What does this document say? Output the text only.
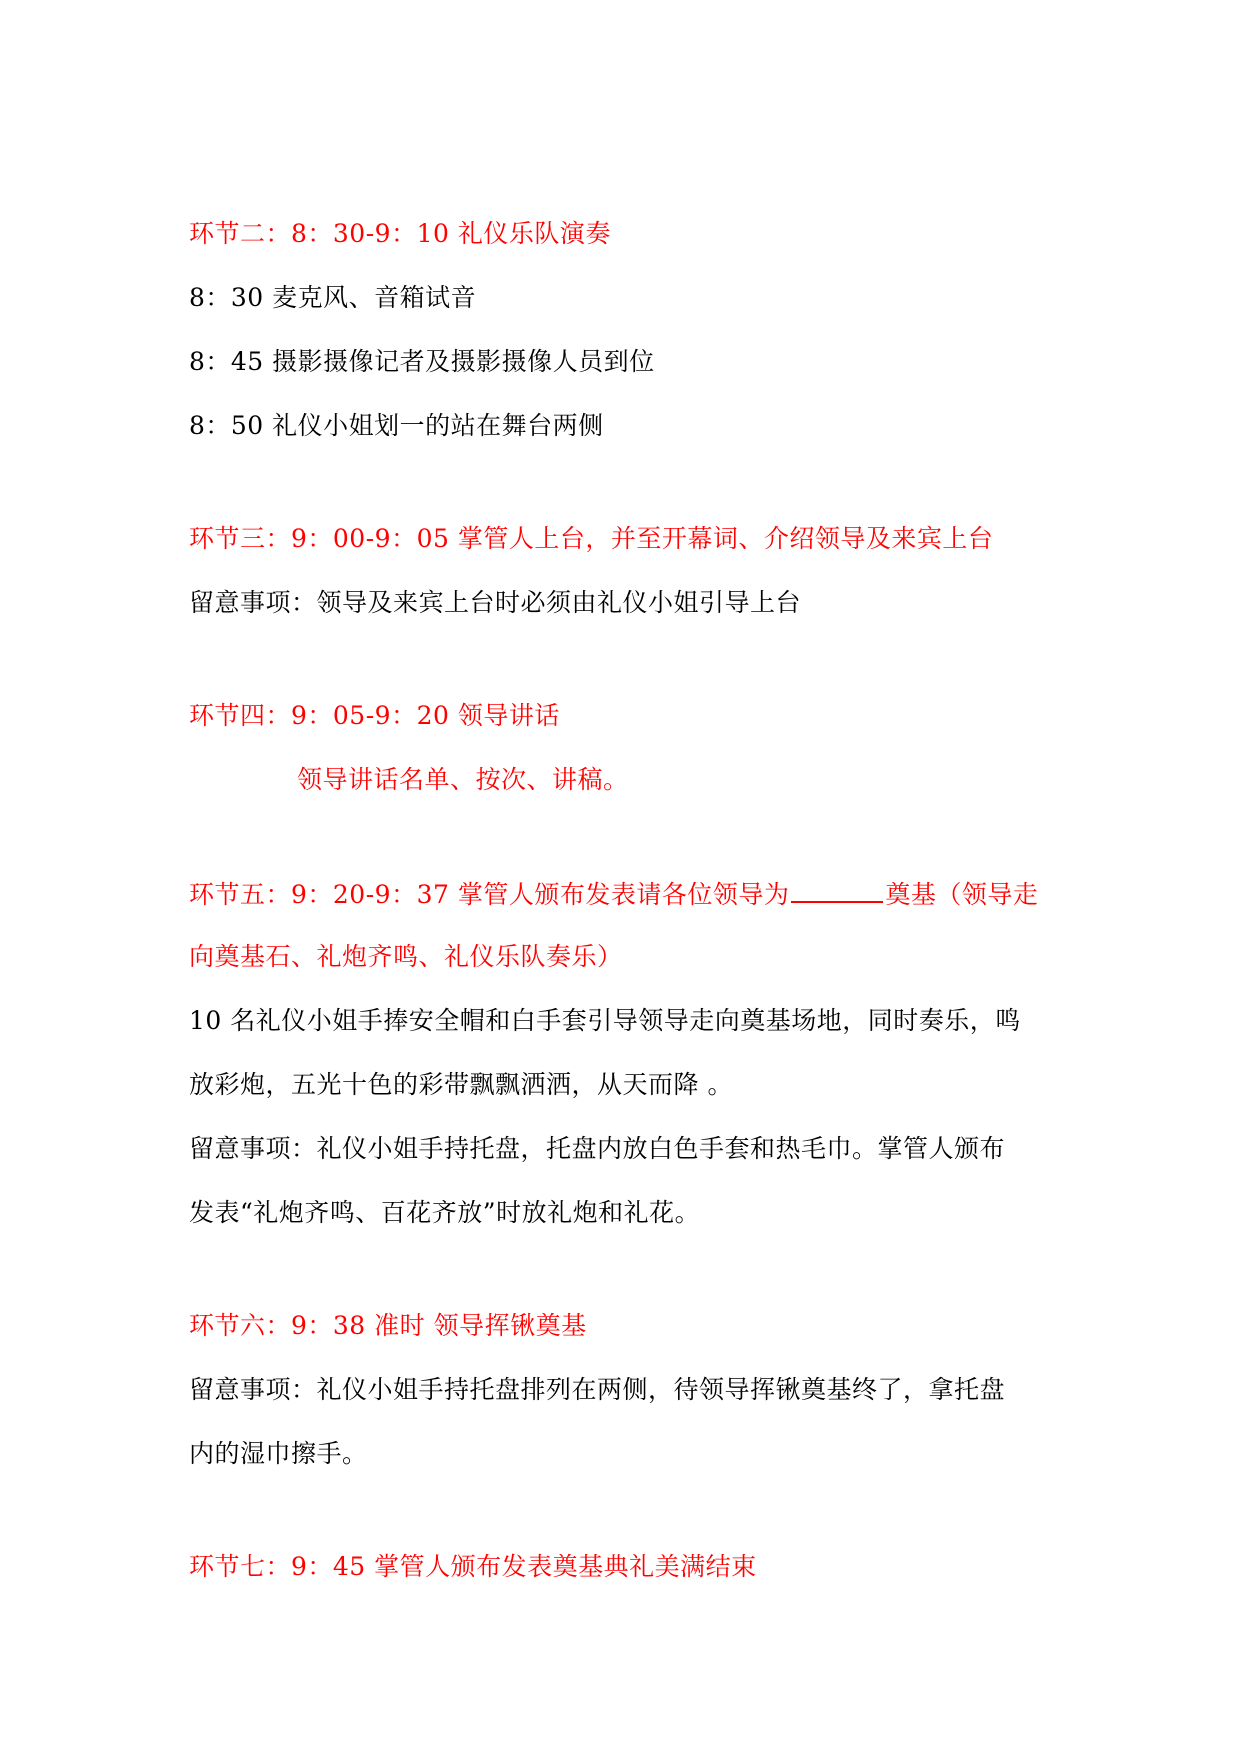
环节二：8：30-9：10 礼仪乐队演奏
8：30 麦克风、音箱试音
8：45 摄影摄像记者及摄影摄像人员到位
8：50 礼仪小姐划一的站在舞台两侧
环节三：9：00-9：05 掌管人上台，并至开幕词、介绍领导及来宾上台
留意事项：领导及来宾上台时必须由礼仪小姐引导上台
环节四：9：05-9：20 领导讲话
领导讲话名单、按次、讲稿。
环节五：9：20-9：37 掌管人颁布发表请各位领导为	奠基（领导走
向奠基石、礼炮齐鸣、礼仪乐队奏乐）
10 名礼仪小姐手捧安全帽和白手套引导领导走向奠基场地，同时奏乐，鸣
放彩炮，五光十色的彩带飘飘洒洒，从天而降 。
留意事项：礼仪小姐手持托盘，托盘内放白色手套和热毛巾。掌管人颁布
发表“礼炮齐鸣、百花齐放”时放礼炮和礼花。
环节六：9：38 准时 领导挥锹奠基
留意事项：礼仪小姐手持托盘排列在两侧，待领导挥锹奠基终了，拿托盘
内的湿巾擦手。
环节七：9：45 掌管人颁布发表奠基典礼美满结束
